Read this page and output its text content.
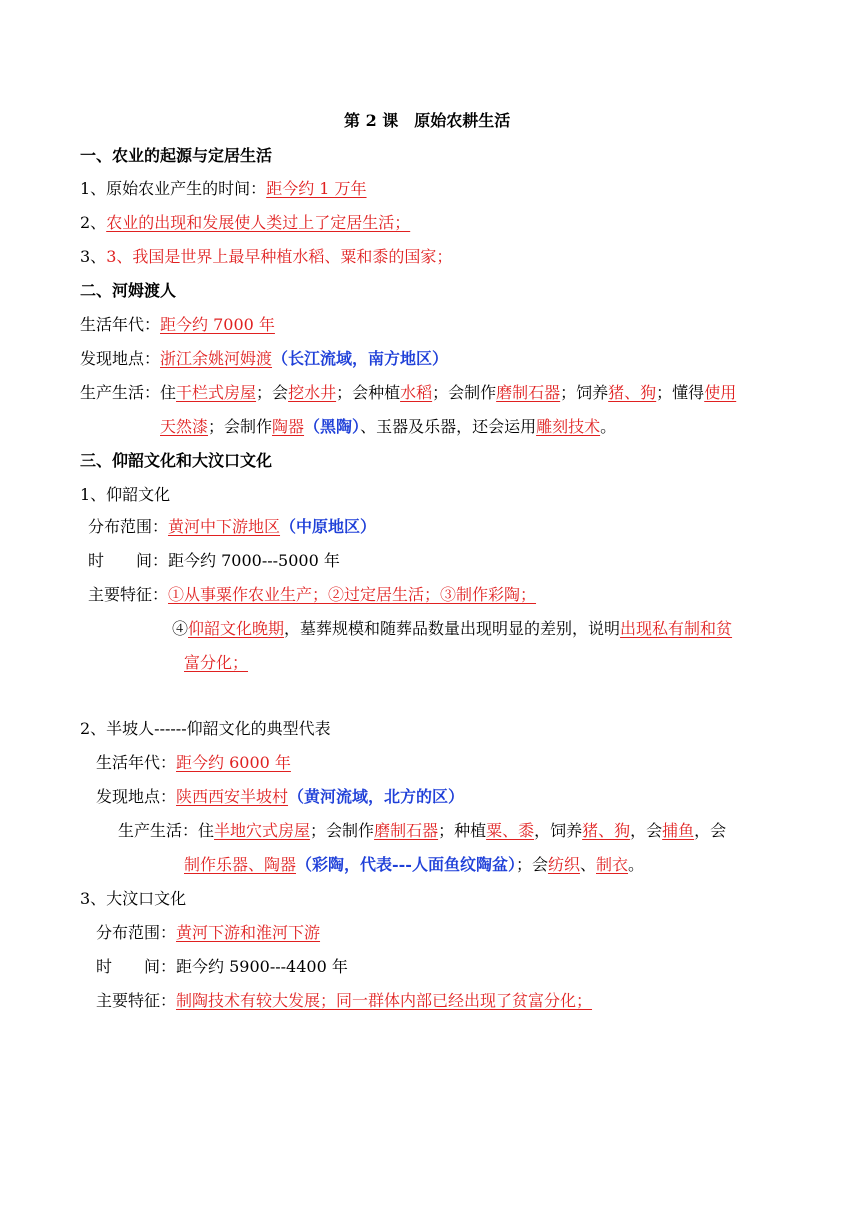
第 2 课　原始农耕生活
一、农业的起源与定居生活
1、原始农业产生的时间：距今约 1 万年
2、农业的出现和发展使人类过上了定居生活；
3、3、我国是世界上最早种植水稻、粟和黍的国家；
二、河姆渡人
生活年代：距今约 7000 年
发现地点：浙江余姚河姆渡（长江流域，南方地区）
生产生活：住干栏式房屋；会挖水井；会种植水稻；会制作磨制石器；饲养猪、狗；懂得使用
天然漆；会制作陶器（黑陶）、玉器及乐器，还会运用雕刻技术。
三、仰韶文化和大汶口文化
1、仰韶文化
分布范围：黄河中下游地区（中原地区）
时　　间：距今约 7000---5000 年
主要特征：①从事粟作农业生产；②过定居生活；③制作彩陶；
④仰韶文化晚期，墓葬规模和随葬品数量出现明显的差别，说明出现私有制和贫
富分化；
2、半坡人------仰韶文化的典型代表
生活年代：距今约 6000 年
发现地点：陕西西安半坡村（黄河流域，北方的区）
生产生活：住半地穴式房屋；会制作磨制石器；种植粟、黍，饲养猪、狗，会捕鱼，会
制作乐器、陶器（彩陶，代表---人面鱼纹陶盆）；会纺织、制衣。
3、大汶口文化
分布范围：黄河下游和淮河下游
时　　间：距今约 5900---4400 年
主要特征：制陶技术有较大发展；同一群体内部已经出现了贫富分化；
